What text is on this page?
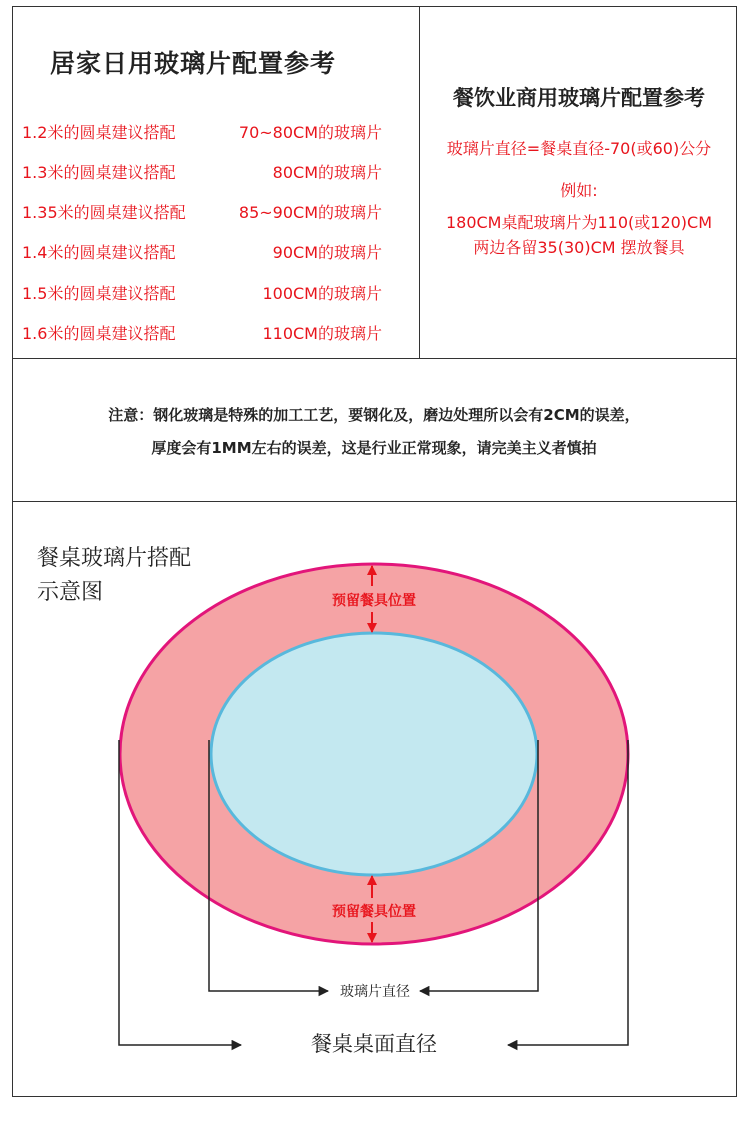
居家日用玻璃片配置参考
1.2米的圆桌建议搭配	70~80CM的玻璃片
1.3米的圆桌建议搭配	80CM的玻璃片
1.35米的圆桌建议搭配	85~90CM的玻璃片
1.4米的圆桌建议搭配	90CM的玻璃片
1.5米的圆桌建议搭配	100CM的玻璃片
1.6米的圆桌建议搭配	110CM的玻璃片
餐饮业商用玻璃片配置参考
玻璃片直径=餐桌直径-70(或60)公分
例如:
180CM桌配玻璃片为110(或120)CM
两边各留35(30)CM 摆放餐具
注意：钢化玻璃是特殊的加工工艺，要钢化及，磨边处理所以会有2CM的误差，
厚度会有1MM左右的误差，这是行业正常现象，请完美主义者慎拍
餐桌玻璃片搭配
示意图	预留餐具位置
预留餐具位置
玻璃片直径
餐桌桌面直径
